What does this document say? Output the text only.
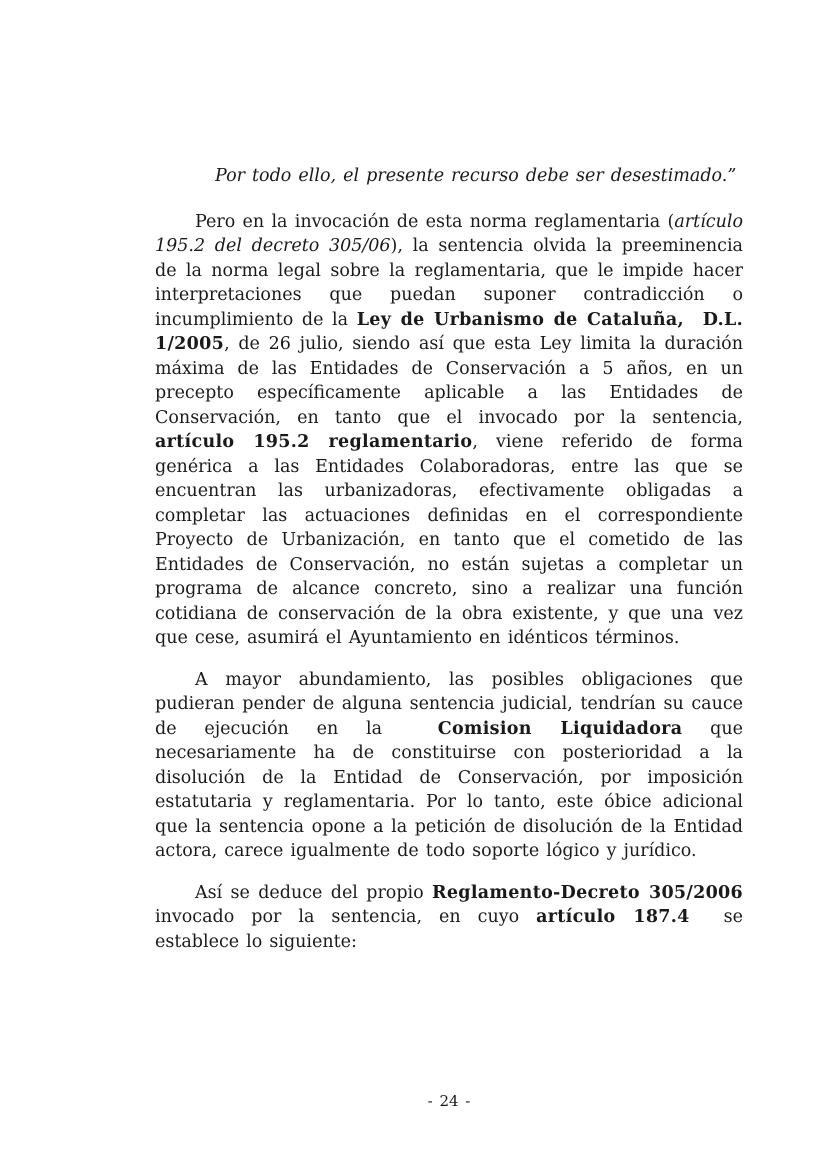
Por todo ello, el presente recurso debe ser desestimado.”

Pero en la invocación de esta norma reglamentaria (artículo 195.2 del decreto 305/06), la sentencia olvida la preeminencia de la norma legal sobre la reglamentaria, que le impide hacer interpretaciones que puedan suponer contradicción o incumplimiento de la Ley de Urbanismo de Cataluña,  D.L. 1/2005, de 26 julio, siendo así que esta Ley limita la duración máxima de las Entidades de Conservación a 5 años, en un precepto específicamente aplicable a las Entidades de Conservación, en tanto que el invocado por la sentencia, artículo 195.2 reglamentario, viene referido de forma genérica a las Entidades Colaboradoras, entre las que se encuentran las urbanizadoras, efectivamente obligadas a completar las actuaciones definidas en el correspondiente Proyecto de Urbanización, en tanto que el cometido de las Entidades de Conservación, no están sujetas a completar un programa de alcance concreto, sino a realizar una función cotidiana de conservación de la obra existente, y que una vez que cese, asumirá el Ayuntamiento en idénticos términos.

A mayor abundamiento, las posibles obligaciones que pudieran pender de alguna sentencia judicial, tendrían su cauce de ejecución en la  Comision Liquidadora que necesariamente ha de constituirse con posterioridad a la disolución de la Entidad de Conservación, por imposición estatutaria y reglamentaria. Por lo tanto, este óbice adicional que la sentencia opone a la petición de disolución de la Entidad actora, carece igualmente de todo soporte lógico y jurídico.

Así se deduce del propio Reglamento-Decreto 305/2006 invocado por la sentencia, en cuyo artículo 187.4  se establece lo siguiente:

- 24 -
